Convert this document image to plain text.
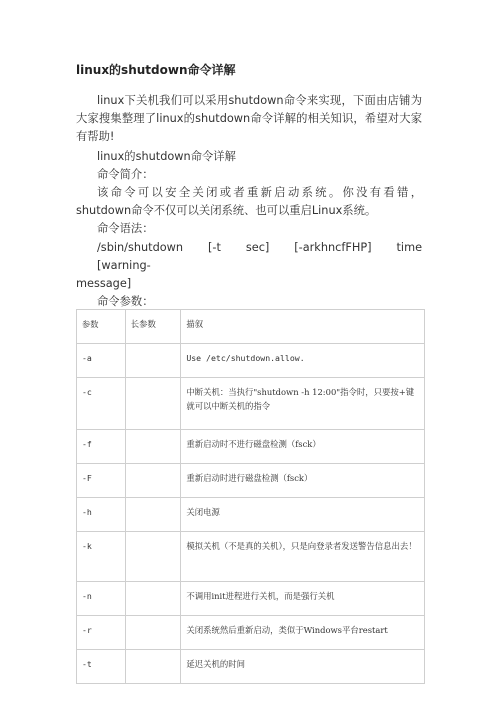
linux的shutdown命令详解

linux下关机我们可以采用shutdown命令来实现，下面由店铺为大家搜集整理了linux的shutdown命令详解的相关知识，希望对大家有帮助!

linux的shutdown命令详解

命令简介：

该命令可以安全关闭或者重新启动系统。你没有看错，shutdown命令不仅可以关闭系统、也可以重启Linux系统。

命令语法：

/sbin/shutdown [-t sec] [-arkhncfFHP] time [warning-

message]

命令参数：

参数	长参数	描叙
-a		Use /etc/shutdown.allow.
-c		中断关机：当执行"shutdown -h 12:00"指令时，只要按+键就可以中断关机的指令
-f		重新启动时不进行磁盘检测（fsck）
-F		重新启动时进行磁盘检测（fsck）
-h		关闭电源
-k		模拟关机（不是真的关机），只是向登录者发送警告信息出去！
-n		不调用init进程进行关机，而是强行关机
-r		关闭系统然后重新启动，类似于Windows平台restart
-t		延迟关机的时间
